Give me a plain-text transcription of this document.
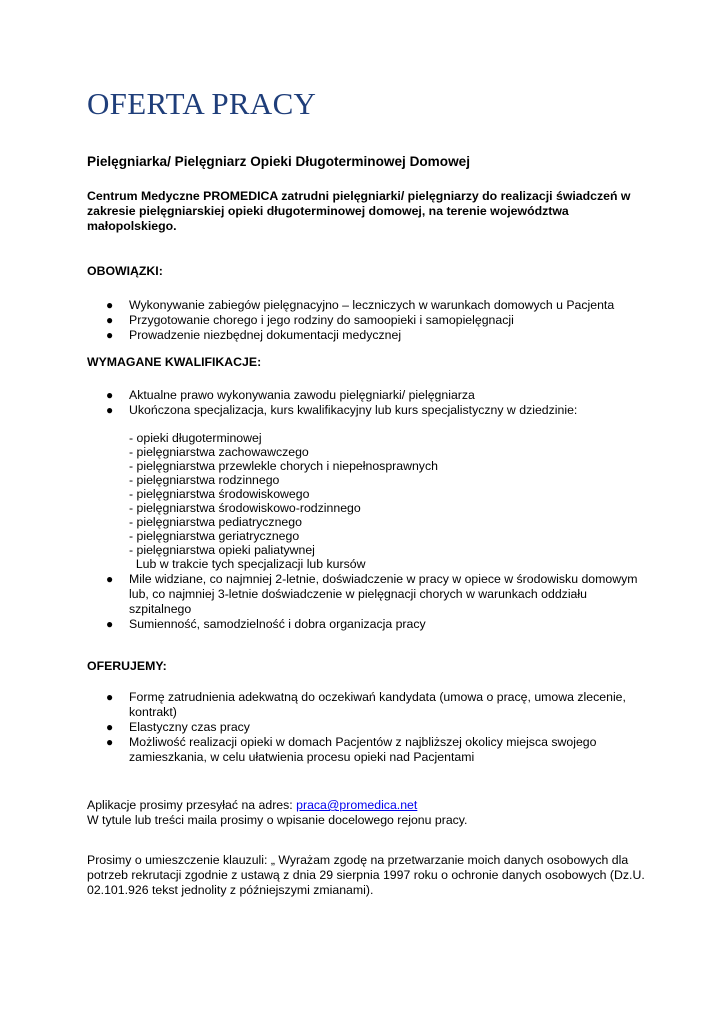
OFERTA PRACY
Pielęgniarka/ Pielęgniarz Opieki Długoterminowej Domowej

Centrum Medyczne PROMEDICA zatrudni pielęgniarki/ pielęgniarzy do realizacji świadczeń w zakresie pielęgniarskiej opieki długoterminowej domowej, na terenie województwa małopolskiego.

OBOWIĄZKI:

● Wykonywanie zabiegów pielęgnacyjno – leczniczych w warunkach domowych u Pacjenta
● Przygotowanie chorego i jego rodziny do samoopieki i samopielęgnacji
● Prowadzenie niezbędnej dokumentacji medycznej

WYMAGANE KWALIFIKACJE:

● Aktualne prawo wykonywania zawodu pielęgniarki/ pielęgniarza
● Ukończona specjalizacja, kurs kwalifikacyjny lub kurs specjalistyczny w dziedzinie:
- opieki długoterminowej
- pielęgniarstwa zachowawczego
- pielęgniarstwa przewlekle chorych i niepełnosprawnych
- pielęgniarstwa rodzinnego
- pielęgniarstwa środowiskowego
- pielęgniarstwa środowiskowo-rodzinnego
- pielęgniarstwa pediatrycznego
- pielęgniarstwa geriatrycznego
- pielęgniarstwa opieki paliatywnej
Lub w trakcie tych specjalizacji lub kursów
● Mile widziane, co najmniej 2-letnie, doświadczenie w pracy w opiece w środowisku domowym lub, co najmniej 3-letnie doświadczenie w pielęgnacji chorych w warunkach oddziału szpitalnego
● Sumienność, samodzielność i dobra organizacja pracy

OFERUJEMY:

● Formę zatrudnienia adekwatną do oczekiwań kandydata (umowa o pracę, umowa zlecenie, kontrakt)
● Elastyczny czas pracy
● Możliwość realizacji opieki w domach Pacjentów z najbliższej okolicy miejsca swojego zamieszkania, w celu ułatwienia procesu opieki nad Pacjentami

Aplikacje prosimy przesyłać na adres: praca@promedica.net
W tytule lub treści maila prosimy o wpisanie docelowego rejonu pracy.

Prosimy o umieszczenie klauzuli: „ Wyrażam zgodę na przetwarzanie moich danych osobowych dla potrzeb rekrutacji zgodnie z ustawą z dnia 29 sierpnia 1997 roku o ochronie danych osobowych (Dz.U. 02.101.926 tekst jednolity z późniejszymi zmianami).
